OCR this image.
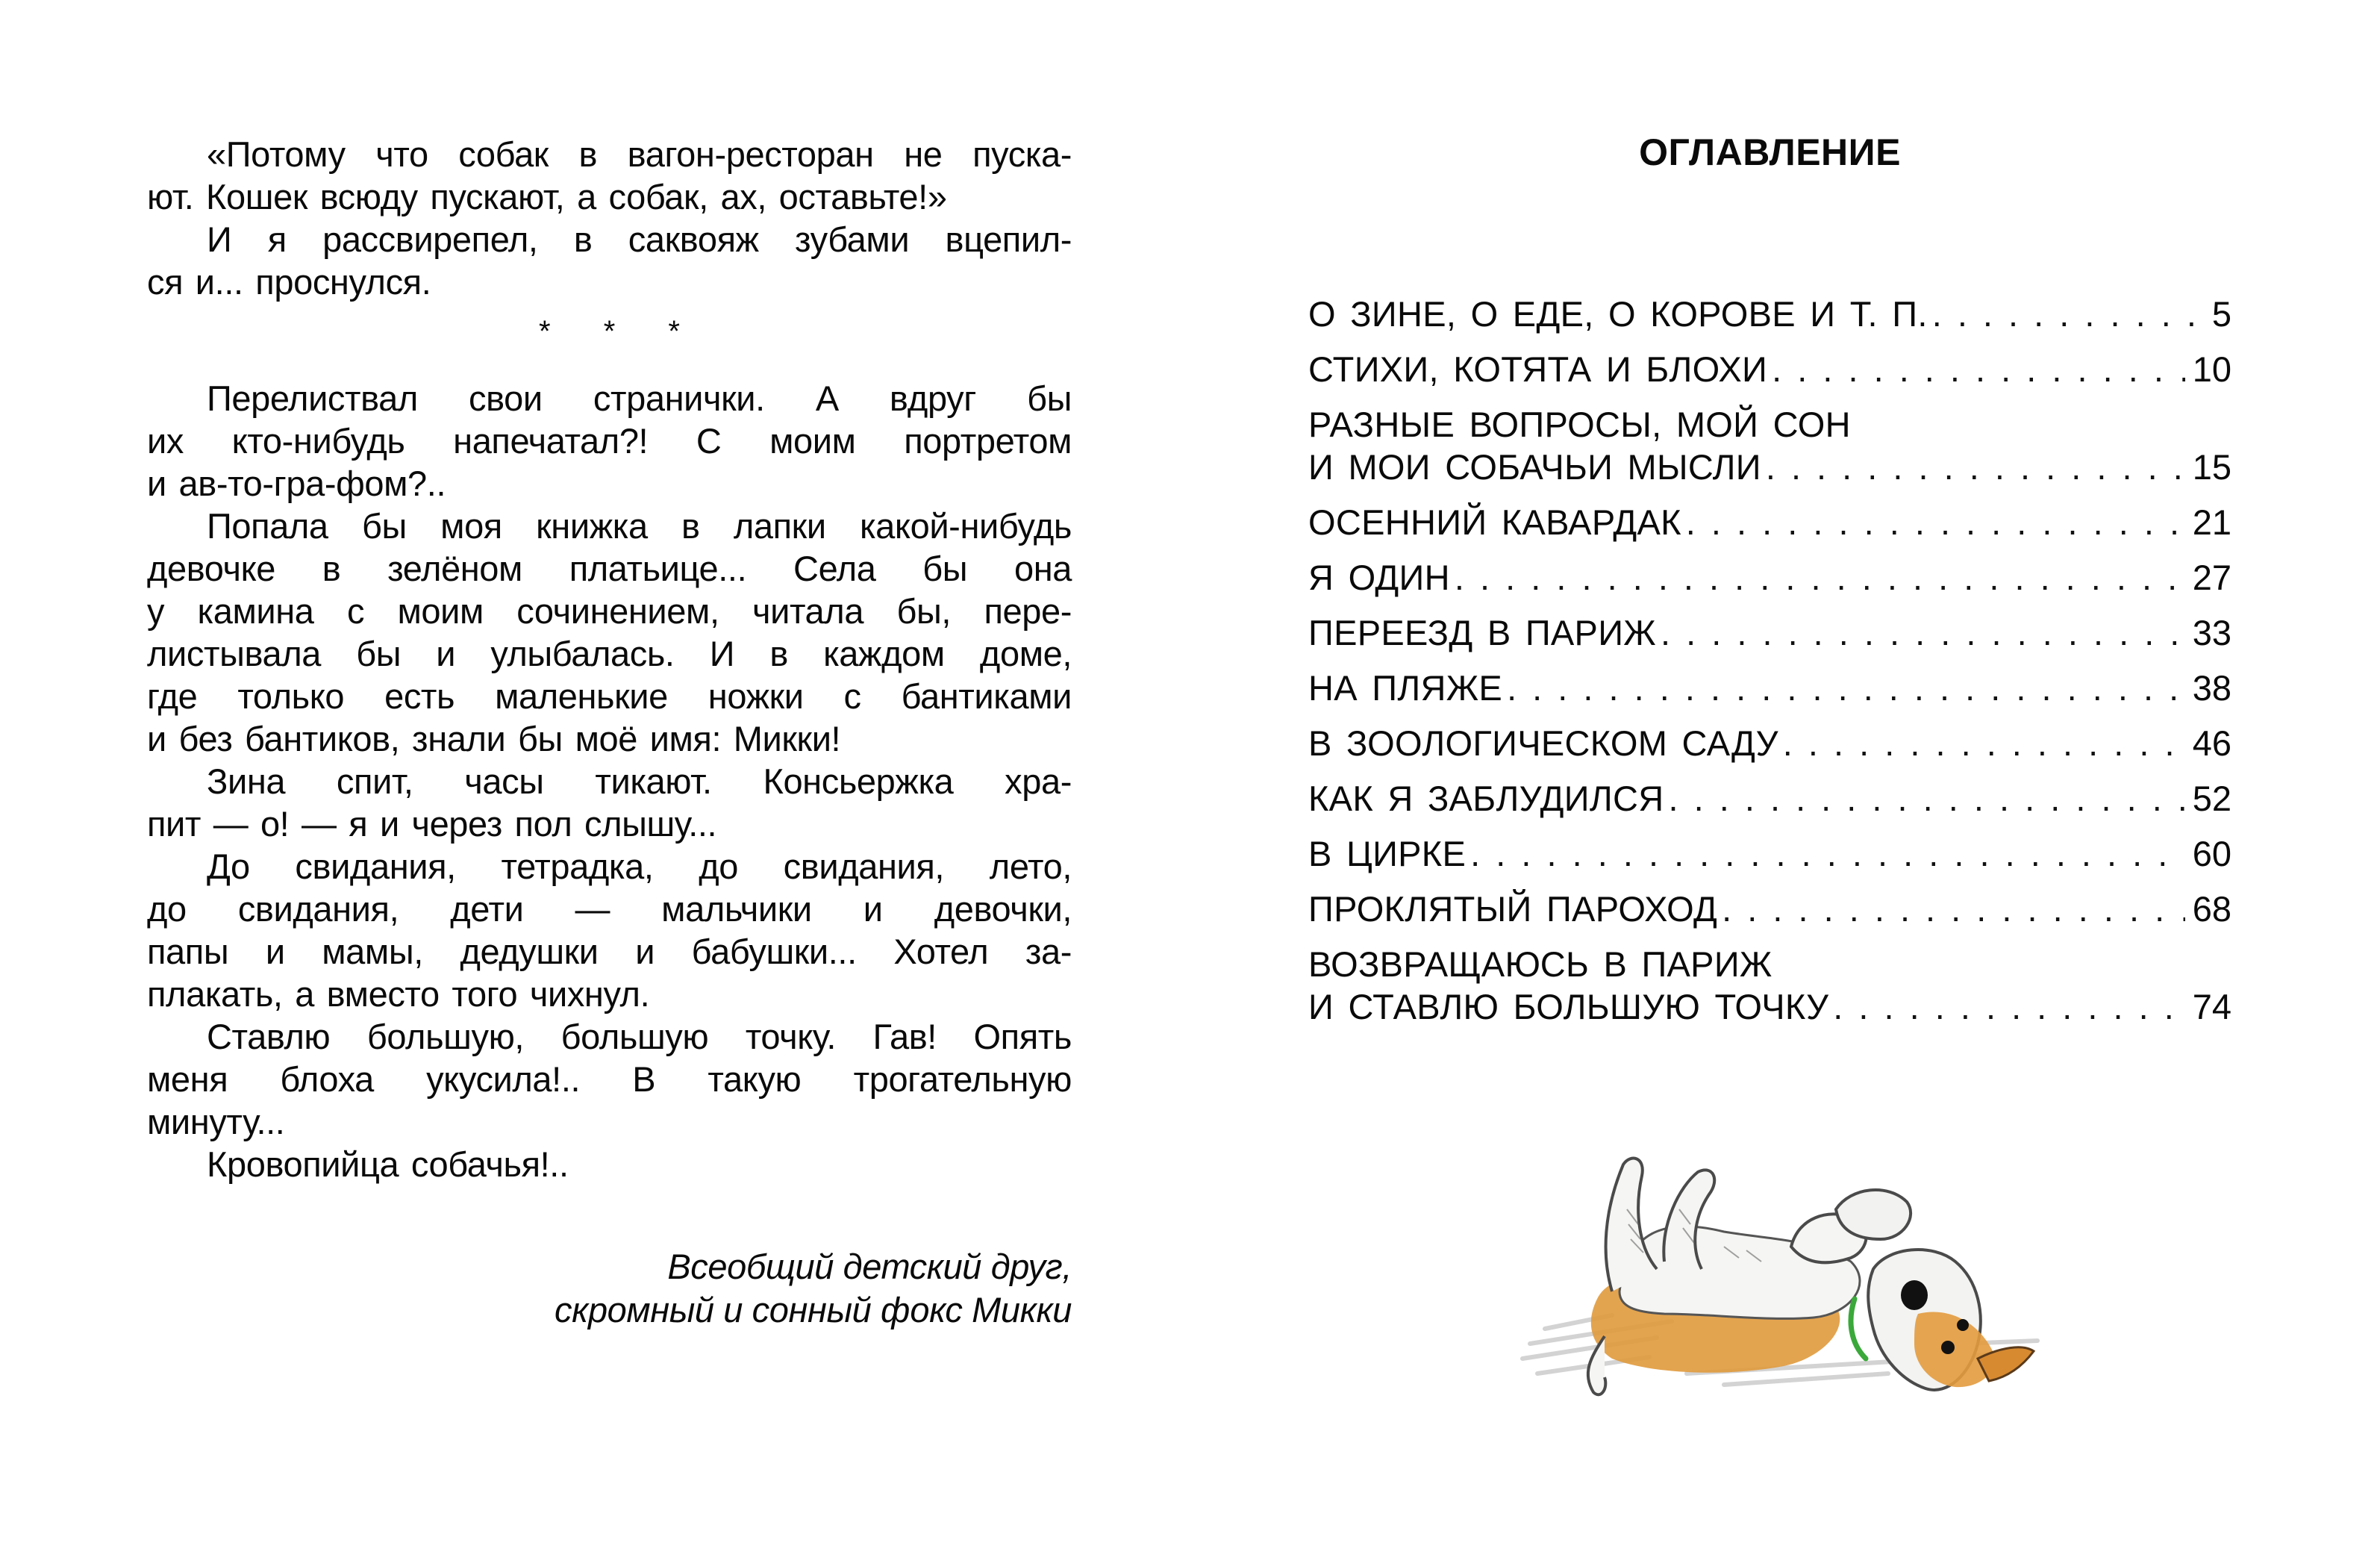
«Потому что собак в вагон-ресторан не пуска-
ют. Кошек всюду пускают, а собак, ах, оставьте!»

И я рассвирепел, в саквояж зубами вцепил-
ся и... проснулся.

* * *

Перелиствал свои странички. А вдруг бы
их кто-нибудь напечатал?! С моим портретом
и ав-то-гра-фом?..

Попала бы моя книжка в лапки какой-нибудь
девочке в зелёном платьице... Села бы она
у камина с моим сочинением, читала бы, пере-
листывала бы и улыбалась. И в каждом доме,
где только есть маленькие ножки с бантиками
и без бантиков, знали бы моё имя: Микки!

Зина спит, часы тикают. Консьержка хра-
пит — о! — я и через пол слышу...

До свидания, тетрадка, до свидания, лето,
до свидания, дети — мальчики и девочки,
папы и мамы, дедушки и бабушки... Хотел за-
плакать, а вместо того чихнул.

Ставлю большую, большую точку. Гав! Опять
меня блоха укусила!.. В такую трогательную
минуту...

Кровопийца собачья!..

Всеобщий детский друг,
скромный и сонный фокс Микки
ОГЛАВЛЕНИЕ
О ЗИНЕ, О ЕДЕ, О КОРОВЕ И Т. П. . . .	5
СТИХИ, КОТЯТА И БЛОХИ . . .	10
РАЗНЫЕ ВОПРОСЫ, МОЙ СОН
И МОИ СОБАЧЬИ МЫСЛИ . . .	15
ОСЕННИЙ КАВАРДАК . . .	21
Я ОДИН . . .	27
ПЕРЕЕЗД В ПАРИЖ . . .	33
НА ПЛЯЖЕ . . .	38
В ЗООЛОГИЧЕСКОМ САДУ . . .	46
КАК Я ЗАБЛУДИЛСЯ . . .	52
В ЦИРКЕ . . .	60
ПРОКЛЯТЫЙ ПАРОХОД . . .	68
ВОЗВРАЩАЮСЬ В ПАРИЖ
И СТАВЛЮ БОЛЬШУЮ ТОЧКУ . . .	74
